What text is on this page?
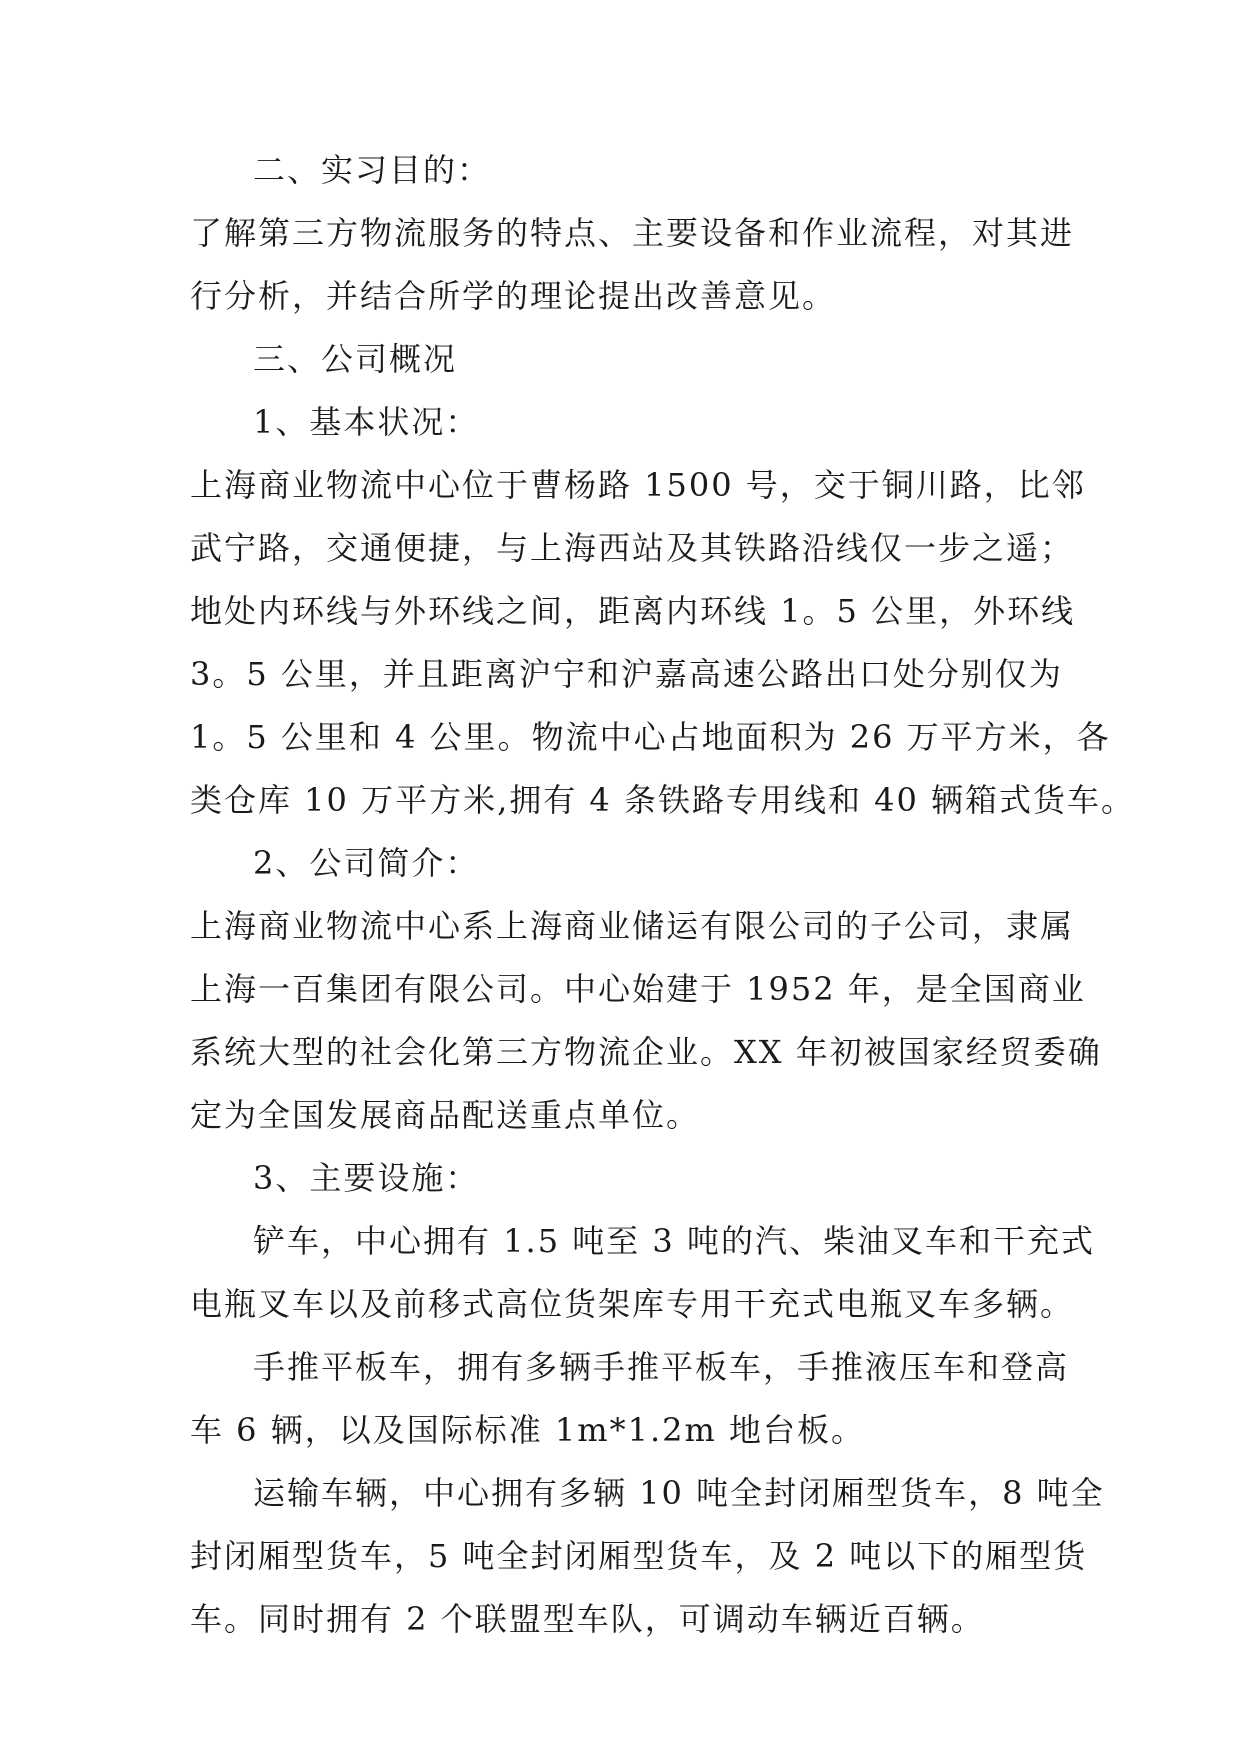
二、实习目的：
了解第三方物流服务的特点、主要设备和作业流程，对其进
行分析，并结合所学的理论提出改善意见。
三、公司概况
1、基本状况：
上海商业物流中心位于曹杨路 1500 号，交于铜川路，比邻
武宁路，交通便捷，与上海西站及其铁路沿线仅一步之遥；
地处内环线与外环线之间，距离内环线 1。5 公里，外环线
3。5 公里，并且距离沪宁和沪嘉高速公路出口处分别仅为
1。5 公里和 4 公里。物流中心占地面积为 26 万平方米，各
类仓库 10 万平方米,拥有 4 条铁路专用线和 40 辆箱式货车。
2、公司简介：
上海商业物流中心系上海商业储运有限公司的子公司，隶属
上海一百集团有限公司。中心始建于 1952 年，是全国商业
系统大型的社会化第三方物流企业。XX 年初被国家经贸委确
定为全国发展商品配送重点单位。
3、主要设施：
铲车，中心拥有 1.5 吨至 3 吨的汽、柴油叉车和干充式
电瓶叉车以及前移式高位货架库专用干充式电瓶叉车多辆。
手推平板车，拥有多辆手推平板车，手推液压车和登高
车 6 辆，以及国际标准 1m*1.2m 地台板。
运输车辆，中心拥有多辆 10 吨全封闭厢型货车，8 吨全
封闭厢型货车，5 吨全封闭厢型货车，及 2 吨以下的厢型货
车。同时拥有 2 个联盟型车队，可调动车辆近百辆。
